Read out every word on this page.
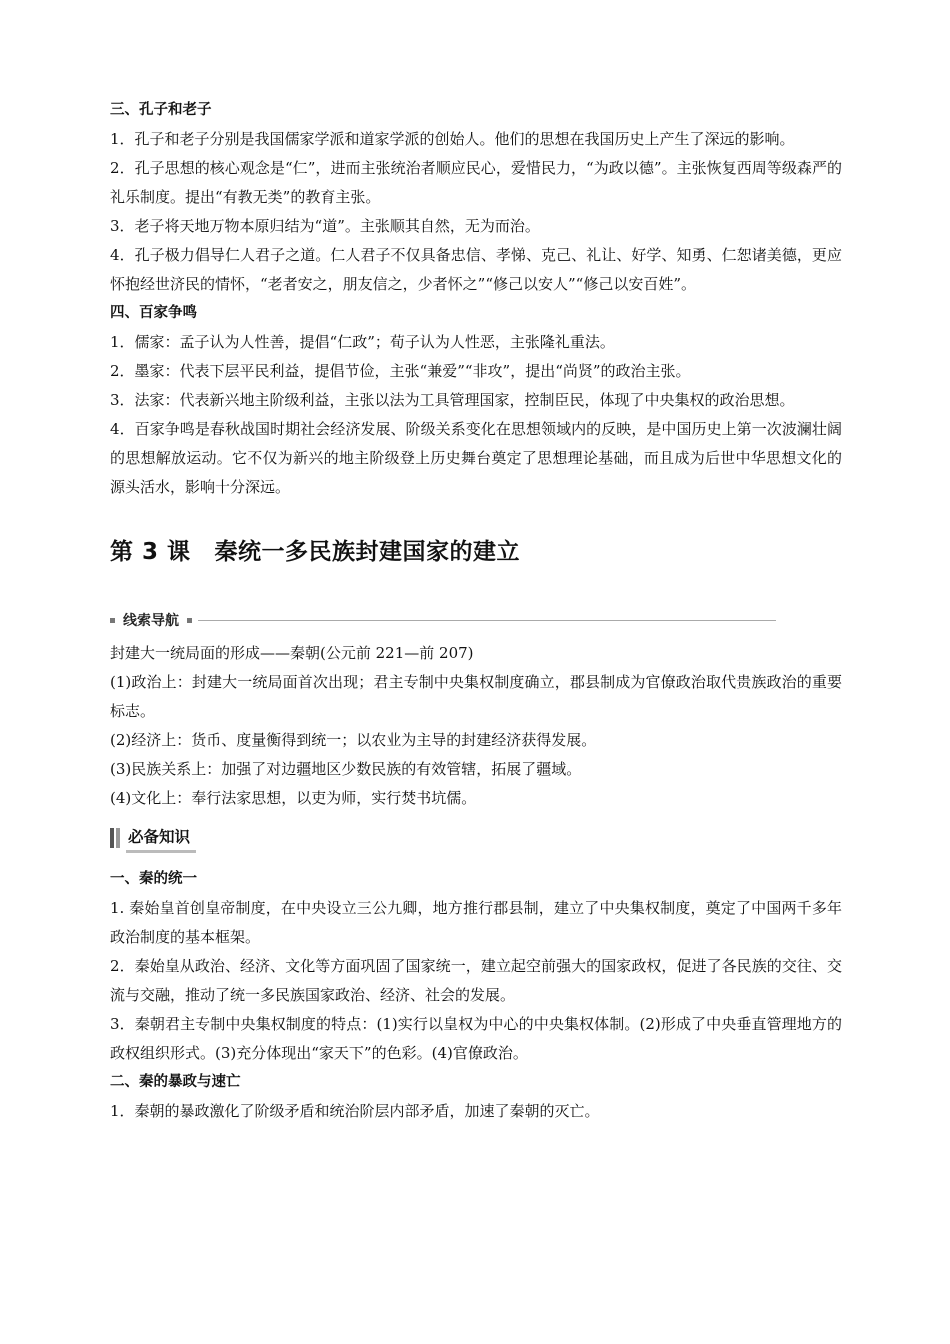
三、孔子和老子

1．孔子和老子分别是我国儒家学派和道家学派的创始人。他们的思想在我国历史上产生了深远的影响。

2．孔子思想的核心观念是“仁”，进而主张统治者顺应民心，爱惜民力，“为政以德”。主张恢复西周等级森严的礼乐制度。提出“有教无类”的教育主张。

3．老子将天地万物本原归结为“道”。主张顺其自然，无为而治。

4．孔子极力倡导仁人君子之道。仁人君子不仅具备忠信、孝悌、克己、礼让、好学、知勇、仁恕诸美德，更应怀抱经世济民的情怀，“老者安之，朋友信之，少者怀之”“修己以安人”“修己以安百姓”。

四、百家争鸣

1．儒家：孟子认为人性善，提倡“仁政”；荀子认为人性恶，主张隆礼重法。

2．墨家：代表下层平民利益，提倡节俭，主张“兼爱”“非攻”，提出“尚贤”的政治主张。

3．法家：代表新兴地主阶级利益，主张以法为工具管理国家，控制臣民，体现了中央集权的政治思想。

4．百家争鸣是春秋战国时期社会经济发展、阶级关系变化在思想领域内的反映，是中国历史上第一次波澜壮阔的思想解放运动。它不仅为新兴的地主阶级登上历史舞台奠定了思想理论基础，而且成为后世中华思想文化的源头活水，影响十分深远。

第 3 课 秦统一多民族封建国家的建立
线索导航

封建大一统局面的形成——秦朝(公元前 221—前 207)

(1)政治上：封建大一统局面首次出现；君主专制中央集权制度确立，郡县制成为官僚政治取代贵族政治的重要标志。

(2)经济上：货币、度量衡得到统一；以农业为主导的封建经济获得发展。

(3)民族关系上：加强了对边疆地区少数民族的有效管辖，拓展了疆域。

(4)文化上：奉行法家思想，以吏为师，实行焚书坑儒。

必备知识

一、秦的统一

1. 秦始皇首创皇帝制度，在中央设立三公九卿，地方推行郡县制，建立了中央集权制度，奠定了中国两千多年政治制度的基本框架。

2．秦始皇从政治、经济、文化等方面巩固了国家统一，建立起空前强大的国家政权，促进了各民族的交往、交流与交融，推动了统一多民族国家政治、经济、社会的发展。

3．秦朝君主专制中央集权制度的特点：(1)实行以皇权为中心的中央集权体制。(2)形成了中央垂直管理地方的政权组织形式。(3)充分体现出“家天下”的色彩。(4)官僚政治。

二、秦的暴政与速亡

1．秦朝的暴政激化了阶级矛盾和统治阶层内部矛盾，加速了秦朝的灭亡。
